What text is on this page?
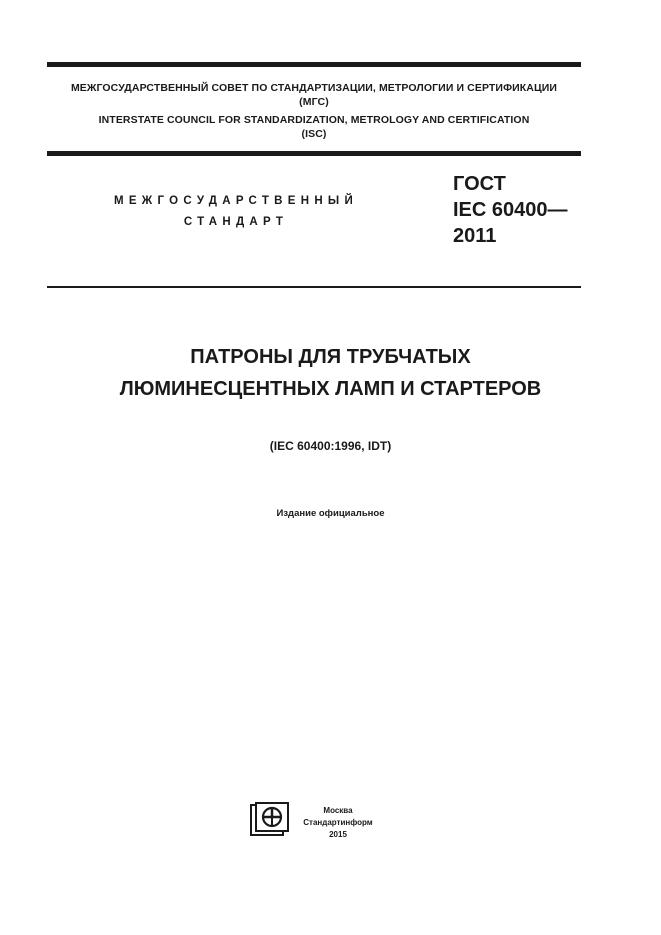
МЕЖГОСУДАРСТВЕННЫЙ СОВЕТ ПО СТАНДАРТИЗАЦИИ, МЕТРОЛОГИИ И СЕРТИФИКАЦИИ
(МГС)
INTERSTATE COUNCIL FOR STANDARDIZATION, METROLOGY AND CERTIFICATION
(ISC)
МЕЖГОСУДАРСТВЕННЫЙ
СТАНДАРТ
ГОСТ
IEC 60400—
2011
ПАТРОНЫ ДЛЯ ТРУБЧАТЫХ
ЛЮМИНЕСЦЕНТНЫХ ЛАМП И СТАРТЕРОВ
(IEC 60400:1996, IDT)
Издание официальное
Москва
Стандартинформ
2015
